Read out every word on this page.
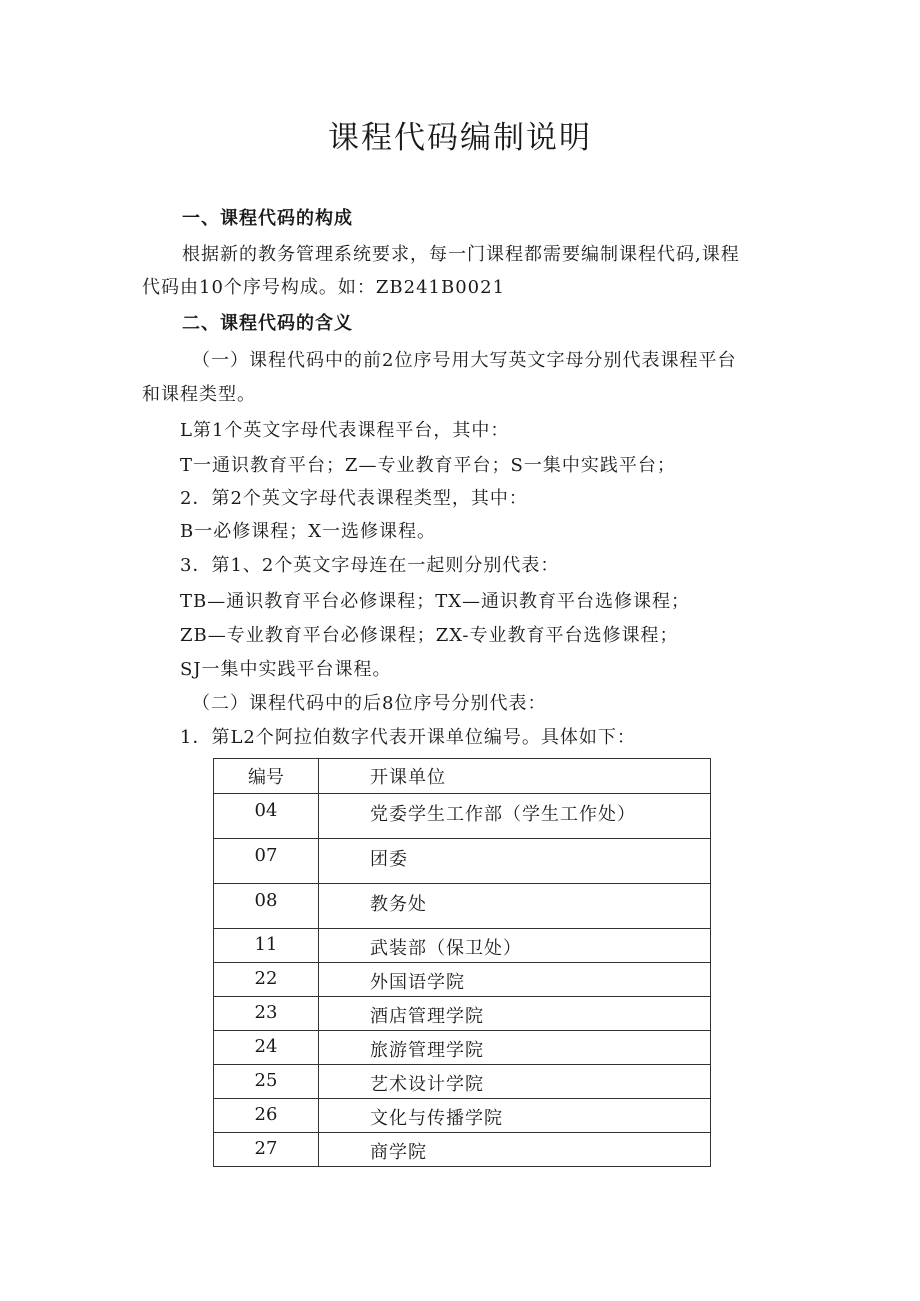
课程代码编制说明
一、课程代码的构成
根据新的教务管理系统要求，每一门课程都需要编制课程代码,课程
代码由10个序号构成。如：ZB241B0021
二、课程代码的含义
（一）课程代码中的前2位序号用大写英文字母分别代表课程平台
和课程类型。
L第1个英文字母代表课程平台，其中：
T一通识教育平台；Z—专业教育平台；S一集中实践平台；
2．第2个英文字母代表课程类型，其中：
B一必修课程；X一选修课程。
3．第1、2个英文字母连在一起则分别代表：
TB—通识教育平台必修课程；TX—通识教育平台选修课程；
ZB—专业教育平台必修课程；ZX-专业教育平台选修课程；
SJ一集中实践平台课程。
（二）课程代码中的后8位序号分别代表：
1．第L2个阿拉伯数字代表开课单位编号。具体如下：
编号	开课单位
04	党委学生工作部（学生工作处）
07	团委
08	教务处
11	武装部（保卫处）
22	外国语学院
23	酒店管理学院
24	旅游管理学院
25	艺术设计学院
26	文化与传播学院
27	商学院
